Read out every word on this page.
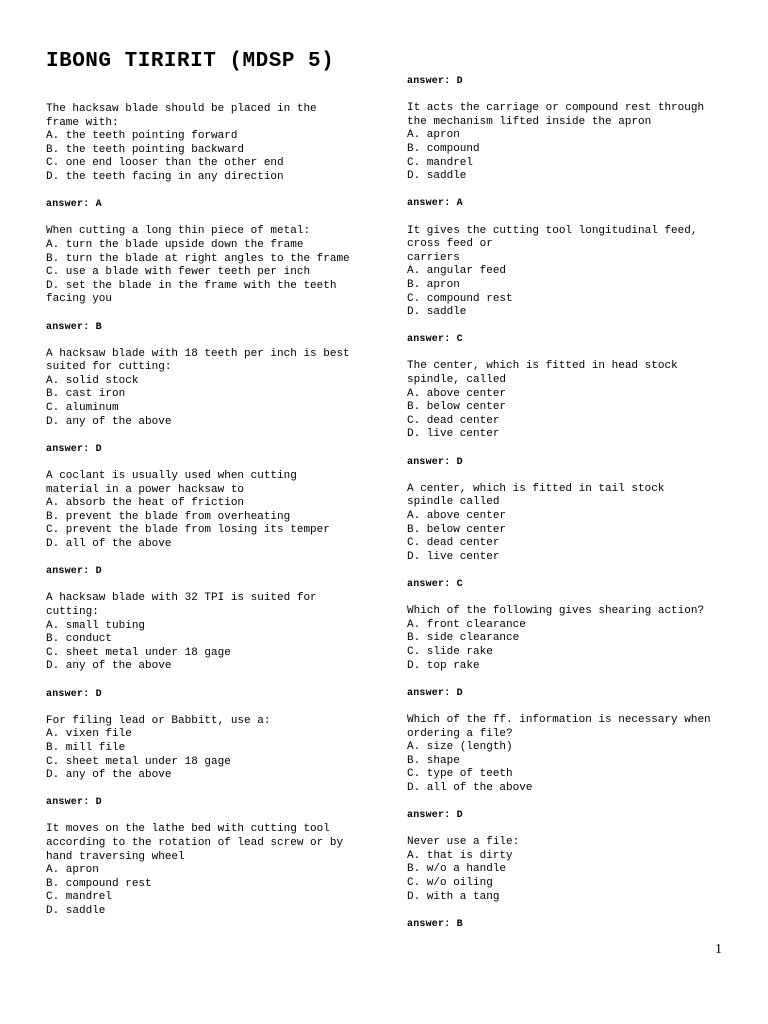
IBONG TIRIRIT (MDSP 5)
The hacksaw blade should be placed in the
frame with:
A. the teeth pointing forward
B. the teeth pointing backward
C. one end looser than the other end
D. the teeth facing in any direction
answer: A
When cutting a long thin piece of metal:
A. turn the blade upside down the frame
B. turn the blade at right angles to the frame
C. use a blade with fewer teeth per inch
D. set the blade in the frame with the teeth
facing you
answer: B
A hacksaw blade with 18 teeth per inch is best
suited for cutting:
A. solid stock
B. cast iron
C. aluminum
D. any of the above
answer: D
A coclant is usually used when cutting
material in a power hacksaw to
A. absorb the heat of friction
B. prevent the blade from overheating
C. prevent the blade from losing its temper
D. all of the above
answer: D
A hacksaw blade with 32 TPI is suited for
cutting:
A. small tubing
B. conduct
C. sheet metal under 18 gage
D. any of the above
answer: D
For filing lead or Babbitt, use a:
A. vixen file
B. mill file
C. sheet metal under 18 gage
D. any of the above
answer: D
It moves on the lathe bed with cutting tool
according to the rotation of lead screw or by
hand traversing wheel
A. apron
B. compound rest
C. mandrel
D. saddle
answer: D
It acts the carriage or compound rest through
the mechanism lifted inside the apron
A. apron
B. compound
C. mandrel
D. saddle
answer: A
It gives the cutting tool longitudinal feed,
cross feed or
carriers
A. angular feed
B. apron
C. compound rest
D. saddle
answer: C
The center, which is fitted in head stock
spindle, called
A. above center
B. below center
C. dead center
D. live center
answer: D
A center, which is fitted in tail stock
spindle called
A. above center
B. below center
C. dead center
D. live center
answer: C
Which of the following gives shearing action?
A. front clearance
B. side clearance
C. slide rake
D. top rake
answer: D
Which of the ff. information is necessary when
ordering a file?
A. size (length)
B. shape
C. type of teeth
D. all of the above
answer: D
Never use a file:
A. that is dirty
B. w/o a handle
C. w/o oiling
D. with a tang
answer: B
1
